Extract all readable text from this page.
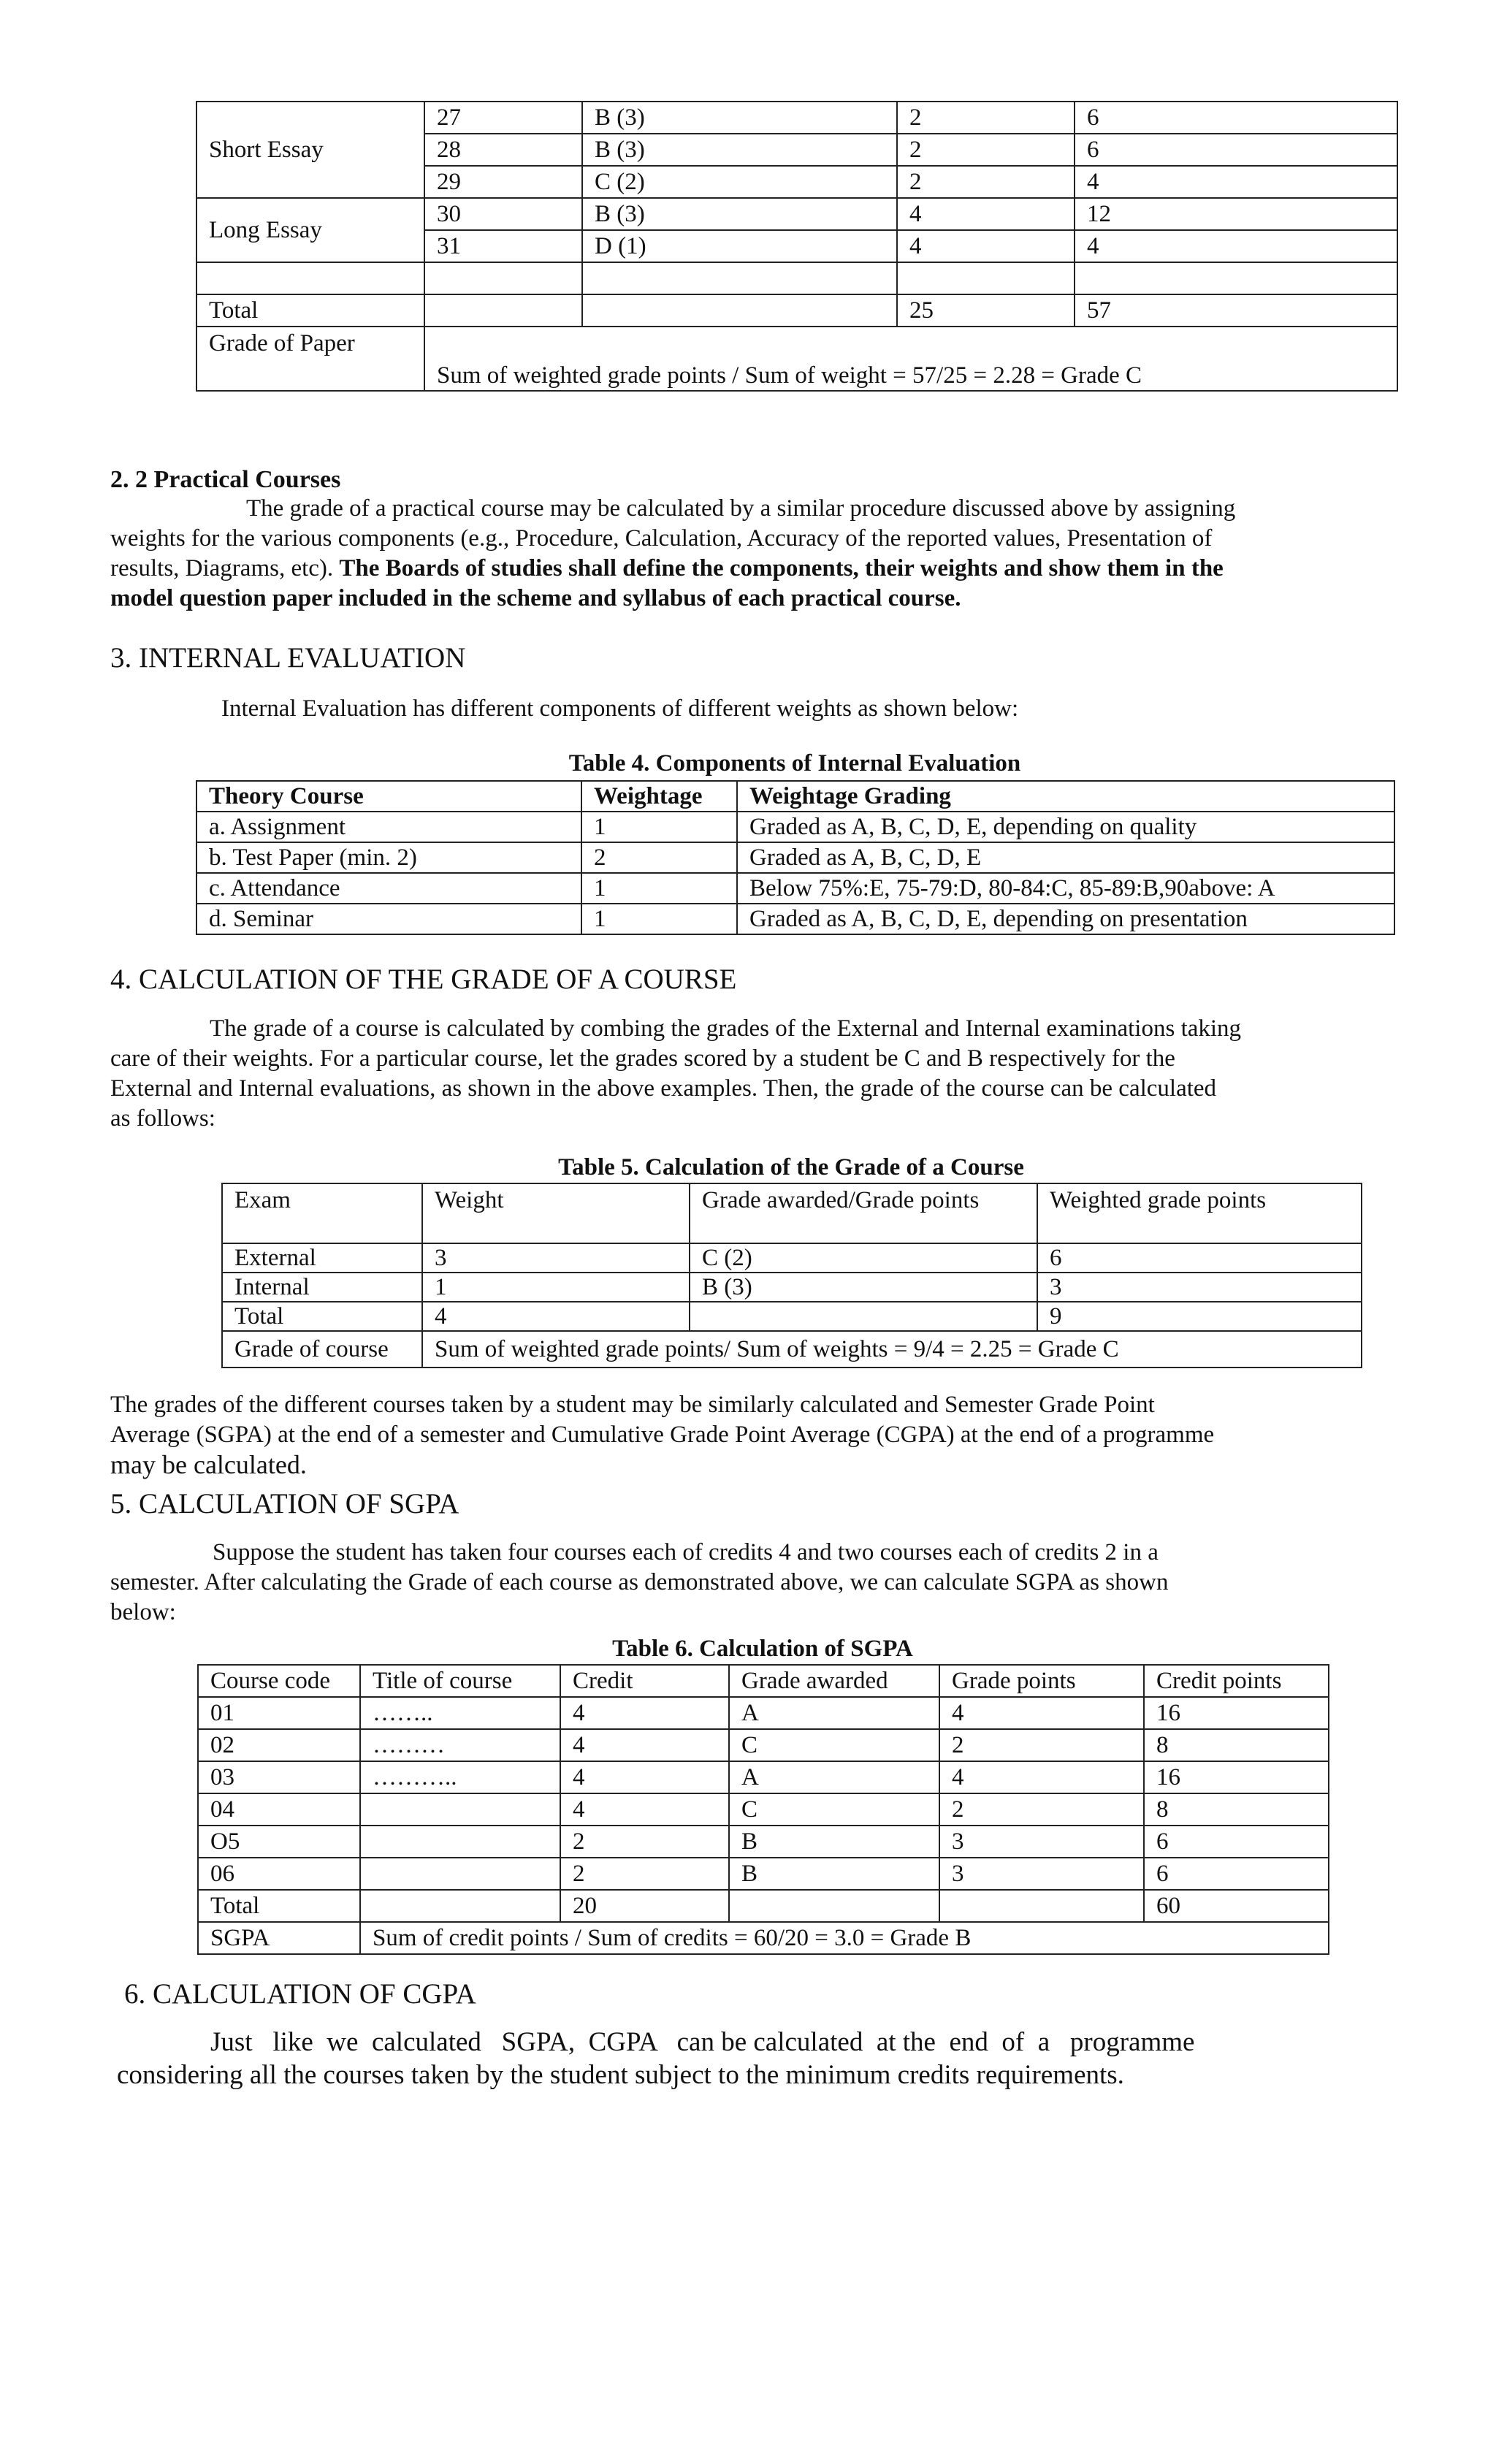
Short Essay	27	B (3)	2	6
	28	B (3)	2	6
	29	C (2)	2	4
Long Essay	30	B (3)	4	12
	31	D (1)	4	4

Total			25	57
Grade of Paper	Sum of weighted grade points / Sum of weight = 57/25 = 2.28 = Grade C			
2. 2 Practical Courses
The grade of a practical course may be calculated by a similar procedure discussed above by assigning
weights for the various components (e.g., Procedure, Calculation, Accuracy of the reported values, Presentation of
results, Diagrams, etc). The Boards of studies shall define the components, their weights and show them in the
model question paper included in the scheme and syllabus of each practical course.
3. INTERNAL EVALUATION
Internal Evaluation has different components of different weights as shown below:
Table 4. Components of Internal Evaluation
Theory Course	Weightage	Weightage Grading
a. Assignment	1	Graded as A, B, C, D, E, depending on quality
b. Test Paper (min. 2)	2	Graded as A, B, C, D, E
c. Attendance	1	Below 75%:E, 75-79:D, 80-84:C, 85-89:B,90above: A
d. Seminar	1	Graded as A, B, C, D, E, depending on presentation
4. CALCULATION OF THE GRADE OF A COURSE
The grade of a course is calculated by combing the grades of the External and Internal examinations taking
care of their weights. For a particular course, let the grades scored by a student be C and B respectively for the
External and Internal evaluations, as shown in the above examples. Then, the grade of the course can be calculated
as follows:
Table 5. Calculation of the Grade of a Course
Exam	Weight	Grade awarded/Grade points	Weighted grade points
External	3	C (2)	6
Internal	1	B (3)	3
Total	4		9
Grade of course	Sum of weighted grade points/ Sum of weights = 9/4 = 2.25 = Grade C		
The grades of the different courses taken by a student may be similarly calculated and Semester Grade Point
Average (SGPA) at the end of a semester and Cumulative Grade Point Average (CGPA) at the end of a programme
may be calculated.
5. CALCULATION OF SGPA
Suppose the student has taken four courses each of credits 4 and two courses each of credits 2 in a
semester. After calculating the Grade of each course as demonstrated above, we can calculate SGPA as shown
below:
Table 6. Calculation of SGPA
Course code	Title of course	Credit	Grade awarded	Grade points	Credit points
01	……..	4	A	4	16
02	………	4	C	2	8
03	………..	4	A	4	16
04		4	C	2	8
O5		2	B	3	6
06		2	B	3	6
Total		20			60
SGPA	Sum of credit points / Sum of credits = 60/20 = 3.0 = Grade B				
6. CALCULATION OF CGPA
Just   like  we  calculated   SGPA,  CGPA   can be calculated  at the  end  of  a   programme
considering all the courses taken by the student subject to the minimum credits requirements.
